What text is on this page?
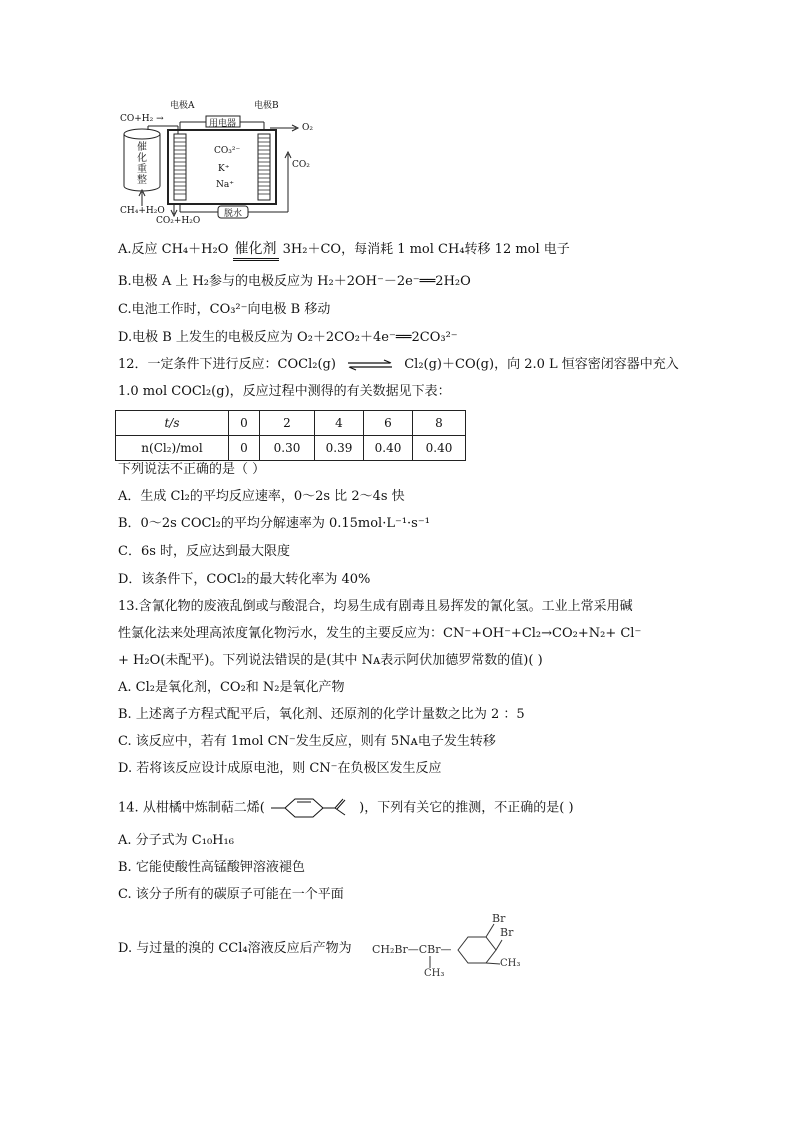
电极A	电极B
CO+H₂ →	用电器	O₂
CO₂
催化重整
CH₄+H₂O
CO₂+H₂O
CO₃²⁻
K⁺
Na⁺
脱水
A.反应 CH₄＋H₂O 催化剂 3H₂＋CO，每消耗 1 mol CH₄转移 12 mol 电子
B.电极 A 上 H₂参与的电极反应为 H₂＋2OH⁻－2e⁻══2H₂O
C.电池工作时，CO₃²⁻向电极 B 移动
D.电极 B 上发生的电极反应为 O₂＋2CO₂＋4e⁻══2CO₃²⁻
12．一定条件下进行反应：COCl₂(g) ⇌ Cl₂(g)＋CO(g)，向 2.0 L 恒容密闭容器中充入
1.0 mol COCl₂(g)，反应过程中测得的有关数据见下表：
t/s	0	2	4	6	8
n(Cl₂)/mol	0	0.30	0.39	0.40	0.40
下列说法不正确的是（ ）
A．生成 Cl₂的平均反应速率，0～2s 比 2～4s 快
B．0～2s COCl₂的平均分解速率为 0.15mol·L⁻¹·s⁻¹
C．6s 时，反应达到最大限度
D．该条件下，COCl₂的最大转化率为 40%
13.含氰化物的废液乱倒或与酸混合，均易生成有剧毒且易挥发的氰化氢。工业上常采用碱
性氯化法来处理高浓度氰化物污水，发生的主要反应为：CN⁻+OH⁻+Cl₂→CO₂+N₂+ Cl⁻
+ H₂O(未配平)。下列说法错误的是(其中 Nᴀ表示阿伏加德罗常数的值)( )
A. Cl₂是氧化剂，CO₂和 N₂是氧化产物
B. 上述离子方程式配平后，氧化剂、还原剂的化学计量数之比为 2 ：5
C. 该反应中，若有 1mol CN⁻发生反应，则有 5Nᴀ电子发生转移
D. 若将该反应设计成原电池，则 CN⁻在负极区发生反应
14. 从柑橘中炼制萜二烯(	)，下列有关它的推测，不正确的是( )
A. 分子式为 C₁₀H₁₆
B. 它能使酸性高锰酸钾溶液褪色
C. 该分子所有的碳原子可能在一个平面
D. 与过量的溴的 CCl₄溶液反应后产物为 CH₂Br—CBr—
CH₃
Br
Br
CH₃
